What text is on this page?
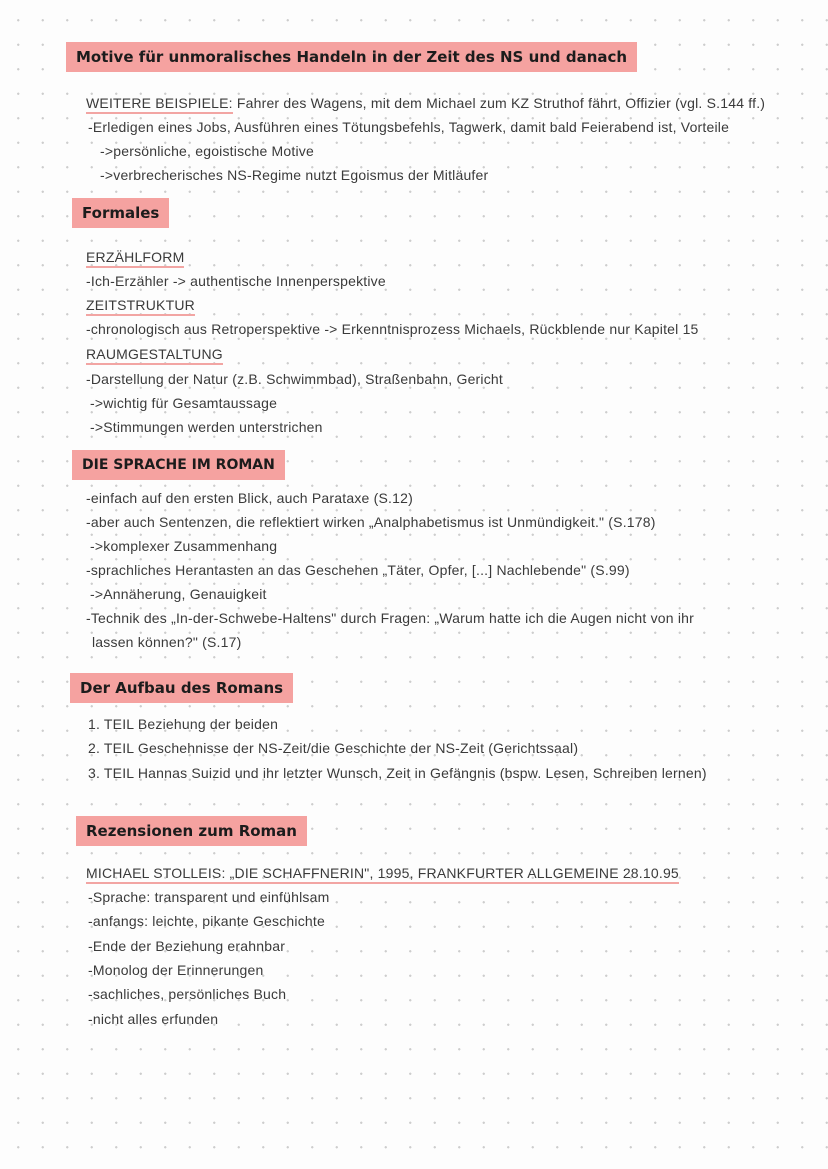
Motive für unmoralisches Handeln in der Zeit des NS und danach
WEITERE BEISPIELE: Fahrer des Wagens, mit dem Michael zum KZ Struthof fährt, Offizier (vgl. S.144 ff.)
-Erledigen eines Jobs, Ausführen eines Tötungsbefehls, Tagwerk, damit bald Feierabend ist, Vorteile
->persönliche, egoistische Motive
->verbrecherisches NS-Regime nutzt Egoismus der Mitläufer
Formales
ERZÄHLFORM
-Ich-Erzähler -> authentische Innenperspektive
ZEITSTRUKTUR
-chronologisch aus Retroperspektive -> Erkenntnisprozess Michaels, Rückblende nur Kapitel 15
RAUMGESTALTUNG
-Darstellung der Natur (z.B. Schwimmbad), Straßenbahn, Gericht
->wichtig für Gesamtaussage
->Stimmungen werden unterstrichen
DIE SPRACHE IM ROMAN
-einfach auf den ersten Blick, auch Parataxe (S.12)
-aber auch Sentenzen, die reflektiert wirken „Analphabetismus ist Unmündigkeit." (S.178)
->komplexer Zusammenhang
-sprachliches Herantasten an das Geschehen „Täter, Opfer, [...] Nachlebende" (S.99)
->Annäherung, Genauigkeit
-Technik des „In-der-Schwebe-Haltens" durch Fragen: „Warum hatte ich die Augen nicht von ihr
lassen können?" (S.17)
Der Aufbau des Romans
1. TEIL Beziehung der beiden
2. TEIL Geschehnisse der NS-Zeit/die Geschichte der NS-Zeit (Gerichtssaal)
3. TEIL Hannas Suizid und ihr letzter Wunsch, Zeit in Gefängnis (bspw. Lesen, Schreiben lernen)
Rezensionen zum Roman
MICHAEL STOLLEIS: „DIE SCHAFFNERIN", 1995, FRANKFURTER ALLGEMEINE 28.10.95
-Sprache: transparent und einfühlsam
-anfangs: leichte, pikante Geschichte
-Ende der Beziehung erahnbar
-Monolog der Erinnerungen
-sachliches, persönliches Buch
-nicht alles erfunden
